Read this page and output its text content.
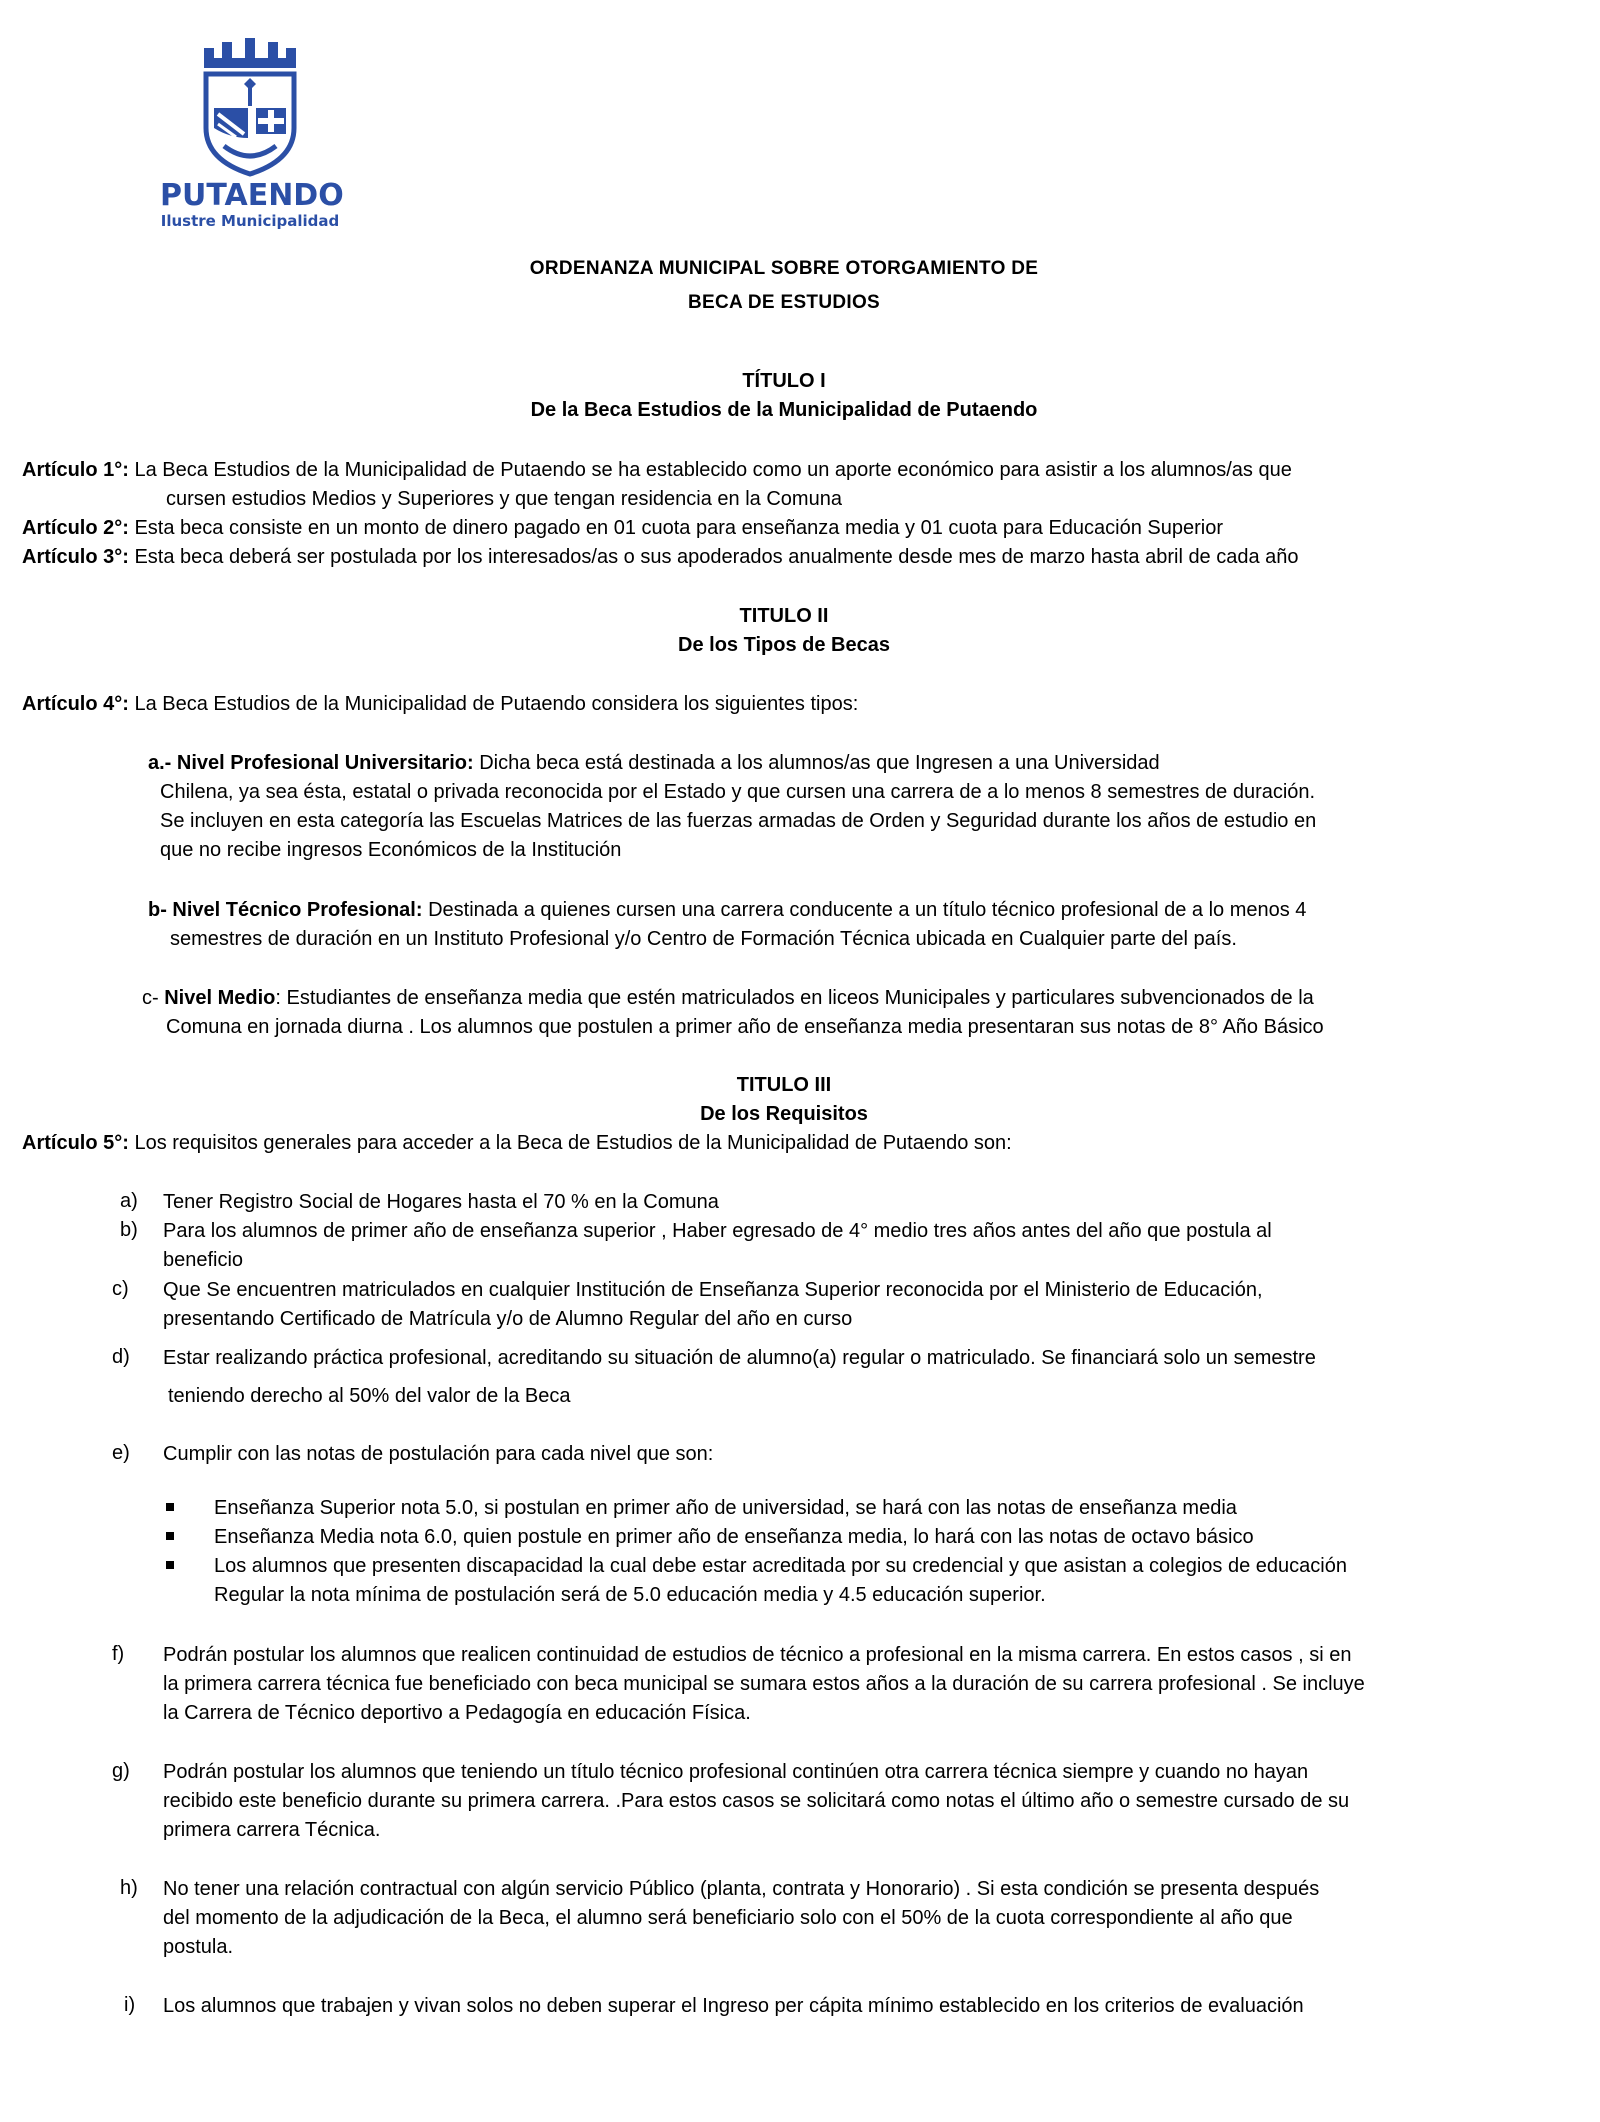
PUTAENDO
Ilustre Municipalidad
ORDENANZA MUNICIPAL SOBRE OTORGAMIENTO DE
BECA DE ESTUDIOS
TÍTULO I
De la Beca Estudios de la Municipalidad de Putaendo
Artículo 1°: La Beca Estudios de la Municipalidad de Putaendo se ha establecido como un aporte económico para asistir a los alumnos/as que
cursen estudios Medios y Superiores y que tengan residencia en la Comuna
Artículo 2°: Esta beca consiste en un monto de dinero pagado en 01 cuota para enseñanza media y 01 cuota para Educación Superior
Artículo 3°: Esta beca deberá ser postulada por los interesados/as o sus apoderados anualmente desde mes de marzo hasta abril de cada año
TITULO II
De los Tipos de Becas
Artículo 4°: La Beca Estudios de la Municipalidad de Putaendo considera los siguientes tipos:
a.- Nivel Profesional Universitario: Dicha beca está destinada a los alumnos/as que Ingresen a una Universidad
Chilena, ya sea ésta, estatal o privada reconocida por el Estado y que cursen una carrera de a lo menos 8 semestres de duración.
Se incluyen en esta categoría las Escuelas Matrices de las fuerzas armadas de Orden y Seguridad durante los años de estudio en
que no recibe ingresos Económicos de la Institución
b- Nivel Técnico Profesional: Destinada a quienes cursen una carrera conducente a un título técnico profesional de a lo menos 4
semestres de duración en un Instituto Profesional y/o Centro de Formación Técnica ubicada en Cualquier parte del país.
c- Nivel Medio: Estudiantes de enseñanza media que estén matriculados en liceos Municipales y particulares subvencionados de la
Comuna en jornada diurna . Los alumnos que postulen a primer año de enseñanza media presentaran sus notas de 8° Año Básico
TITULO III
De los Requisitos
Artículo 5°: Los requisitos generales para acceder a la Beca de Estudios de la Municipalidad de Putaendo son:
a) Tener Registro Social de Hogares hasta el 70 % en la Comuna
b) Para los alumnos de primer año de enseñanza superior , Haber egresado de 4° medio tres años antes del año que postula al
beneficio
c) Que Se encuentren matriculados en cualquier Institución de Enseñanza Superior reconocida por el Ministerio de Educación,
presentando Certificado de Matrícula y/o de Alumno Regular del año en curso
d) Estar realizando práctica profesional, acreditando su situación de alumno(a) regular o matriculado. Se financiará solo un semestre
teniendo derecho al 50% del valor de la Beca
e) Cumplir con las notas de postulación para cada nivel que son:
Enseñanza Superior nota 5.0, si postulan en primer año de universidad, se hará con las notas de enseñanza media
Enseñanza Media nota 6.0, quien postule en primer año de enseñanza media, lo hará con las notas de octavo básico
Los alumnos que presenten discapacidad la cual debe estar acreditada por su credencial y que asistan a colegios de educación
Regular la nota mínima de postulación será de 5.0 educación media y 4.5 educación superior.
f) Podrán postular los alumnos que realicen continuidad de estudios de técnico a profesional en la misma carrera. En estos casos , si en
la primera carrera técnica fue beneficiado con beca municipal se sumara estos años a la duración de su carrera profesional . Se incluye
la Carrera de Técnico deportivo a Pedagogía en educación Física.
g) Podrán postular los alumnos que teniendo un título técnico profesional continúen otra carrera técnica siempre y cuando no hayan
recibido este beneficio durante su primera carrera. .Para estos casos se solicitará como notas el último año o semestre cursado de su
primera carrera Técnica.
h) No tener una relación contractual con algún servicio Público (planta, contrata y Honorario) . Si esta condición se presenta después
del momento de la adjudicación de la Beca, el alumno será beneficiario solo con el 50% de la cuota correspondiente al año que
postula.
i) Los alumnos que trabajen y vivan solos no deben superar el Ingreso per cápita mínimo establecido en los criterios de evaluación
